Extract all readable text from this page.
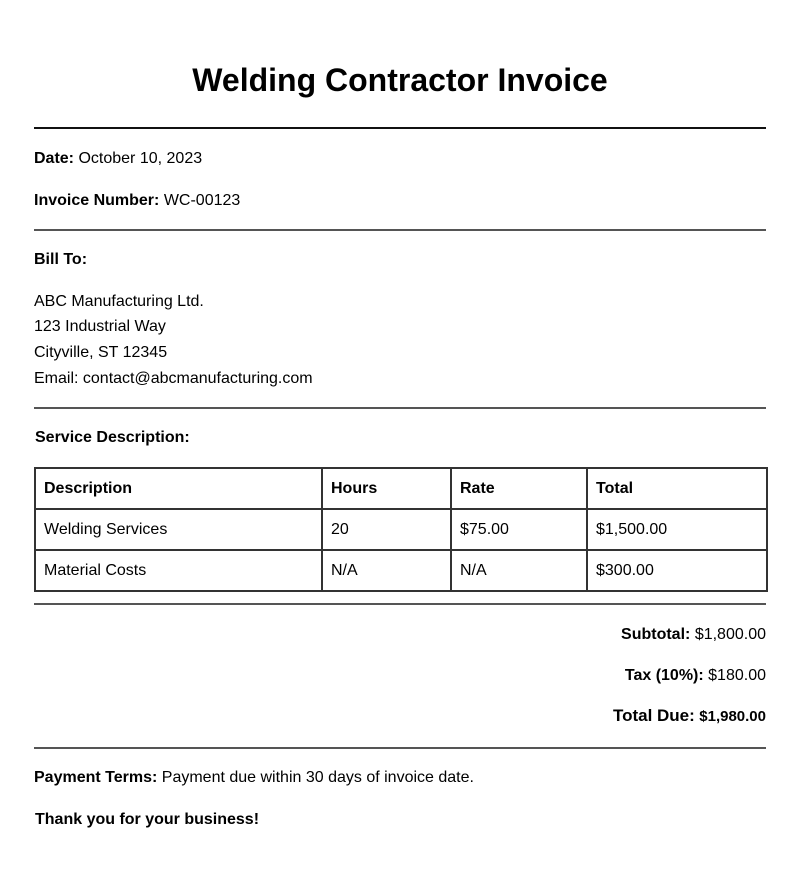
Welding Contractor Invoice
Date: October 10, 2023
Invoice Number: WC-00123
Bill To:
ABC Manufacturing Ltd.
123 Industrial Way
Cityville, ST 12345
Email: contact@abcmanufacturing.com
Service Description:
Description	Hours	Rate	Total
Welding Services	20	$75.00	$1,500.00
Material Costs	N/A	N/A	$300.00
Subtotal: $1,800.00
Tax (10%): $180.00
Total Due: $1,980.00
Payment Terms: Payment due within 30 days of invoice date.
Thank you for your business!
